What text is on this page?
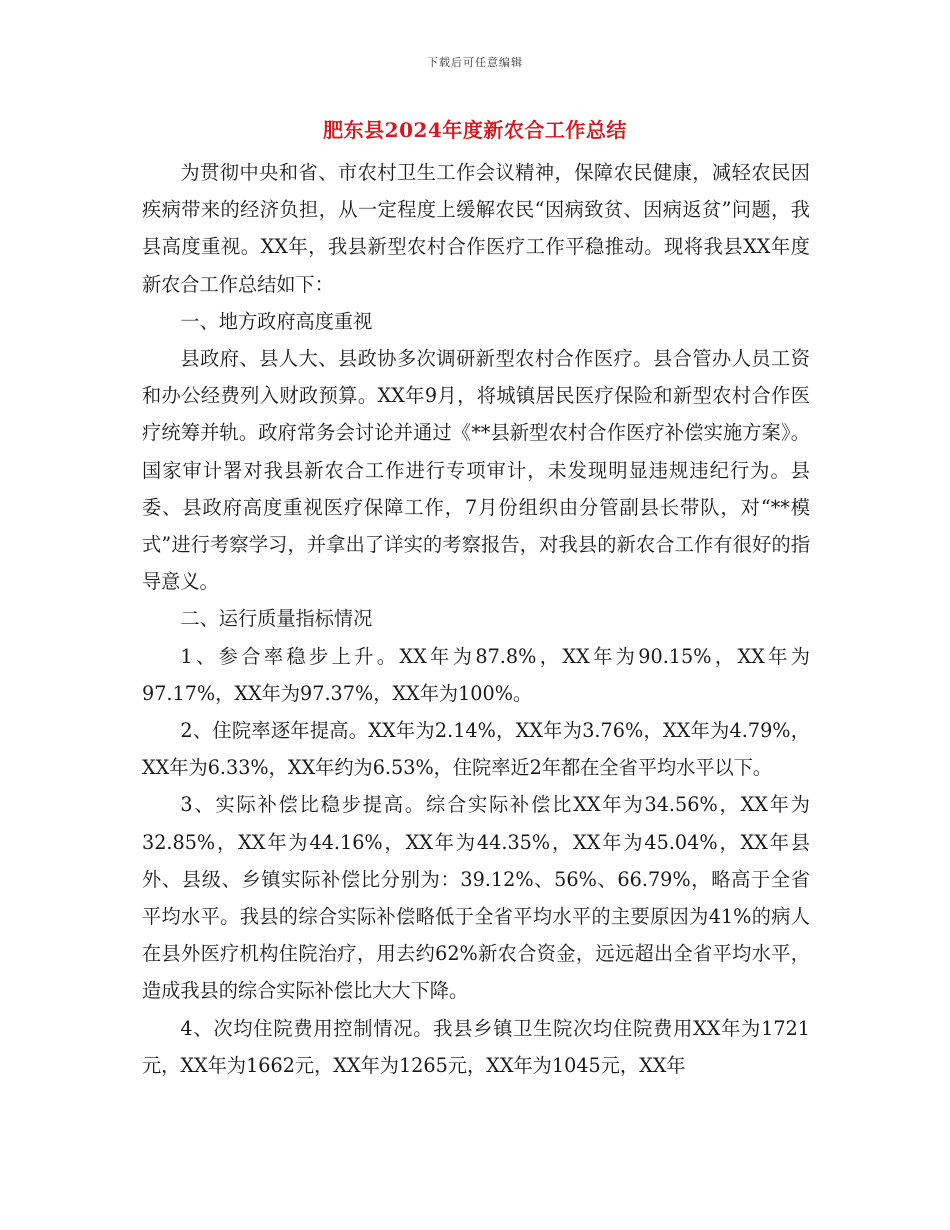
下载后可任意编辑
肥东县2024年度新农合工作总结

为贯彻中央和省、市农村卫生工作会议精神，保障农民健康，减轻农民因疾病带来的经济负担，从一定程度上缓解农民“因病致贫、因病返贫”问题，我县高度重视。XX年，我县新型农村合作医疗工作平稳推动。现将我县XX年度新农合工作总结如下：

一、地方政府高度重视

县政府、县人大、县政协多次调研新型农村合作医疗。县合管办人员工资和办公经费列入财政预算。XX年9月，将城镇居民医疗保险和新型农村合作医疗统筹并轨。政府常务会讨论并通过《**县新型农村合作医疗补偿实施方案》。国家审计署对我县新农合工作进行专项审计，未发现明显违规违纪行为。县委、县政府高度重视医疗保障工作，7月份组织由分管副县长带队，对“**模式”进行考察学习，并拿出了详实的考察报告，对我县的新农合工作有很好的指导意义。

二、运行质量指标情况

1、参合率稳步上升。XX年为87.8%，XX年为90.15%，XX年为97.17%，XX年为97.37%，XX年为100%。

2、住院率逐年提高。XX年为2.14%，XX年为3.76%，XX年为4.79%，XX年为6.33%，XX年约为6.53%，住院率近2年都在全省平均水平以下。

3、实际补偿比稳步提高。综合实际补偿比XX年为34.56%，XX年为32.85%，XX年为44.16%，XX年为44.35%，XX年为45.04%，XX年县外、县级、乡镇实际补偿比分别为：39.12%、56%、66.79%，略高于全省平均水平。我县的综合实际补偿略低于全省平均水平的主要原因为41%的病人在县外医疗机构住院治疗，用去约62%新农合资金，远远超出全省平均水平，造成我县的综合实际补偿比大大下降。

4、次均住院费用控制情况。我县乡镇卫生院次均住院费用XX年为1721元，XX年为1662元，XX年为1265元，XX年为1045元，XX年
